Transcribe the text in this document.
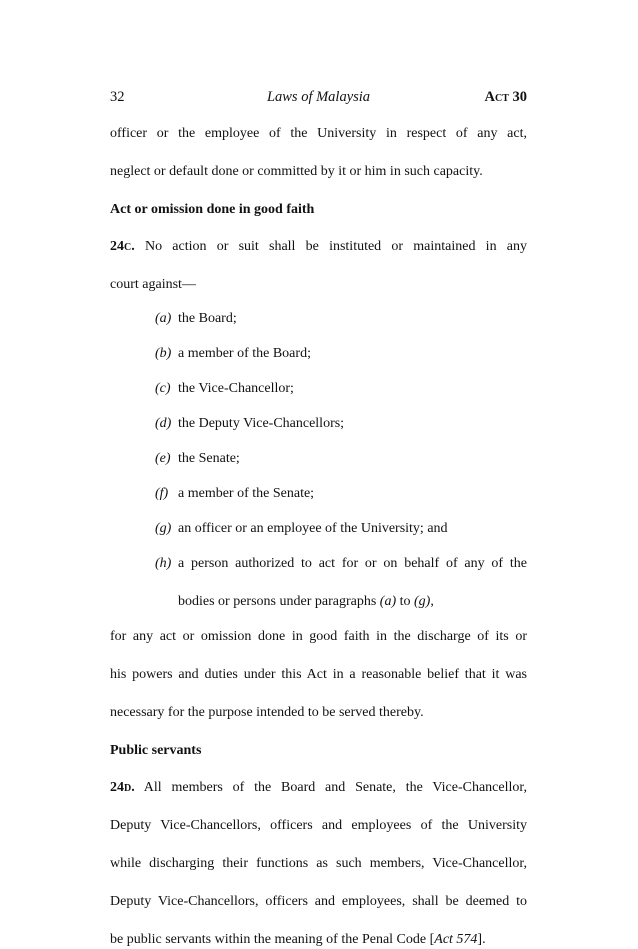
32	Laws of Malaysia	Act 30

officer or the employee of the University in respect of any act,

neglect or default done or committed by it or him in such capacity.

Act or omission done in good faith

24c. No action or suit shall be instituted or maintained in any

court against—

(a) the Board;
(b) a member of the Board;
(c) the Vice-Chancellor;
(d) the Deputy Vice-Chancellors;
(e) the Senate;
(f) a member of the Senate;
(g) an officer or an employee of the University; and
(h) a person authorized to act for or on behalf of any of the

bodies or persons under paragraphs (a) to (g),

for any act or omission done in good faith in the discharge of its or

his powers and duties under this Act in a reasonable belief that it was

necessary for the purpose intended to be served thereby.

Public servants

24d. All members of the Board and Senate, the Vice-Chancellor,

Deputy Vice-Chancellors, officers and employees of the University

while discharging their functions as such members, Vice-Chancellor,

Deputy Vice-Chancellors, officers and employees, shall be deemed to

be public servants within the meaning of the Penal Code [Act 574].
